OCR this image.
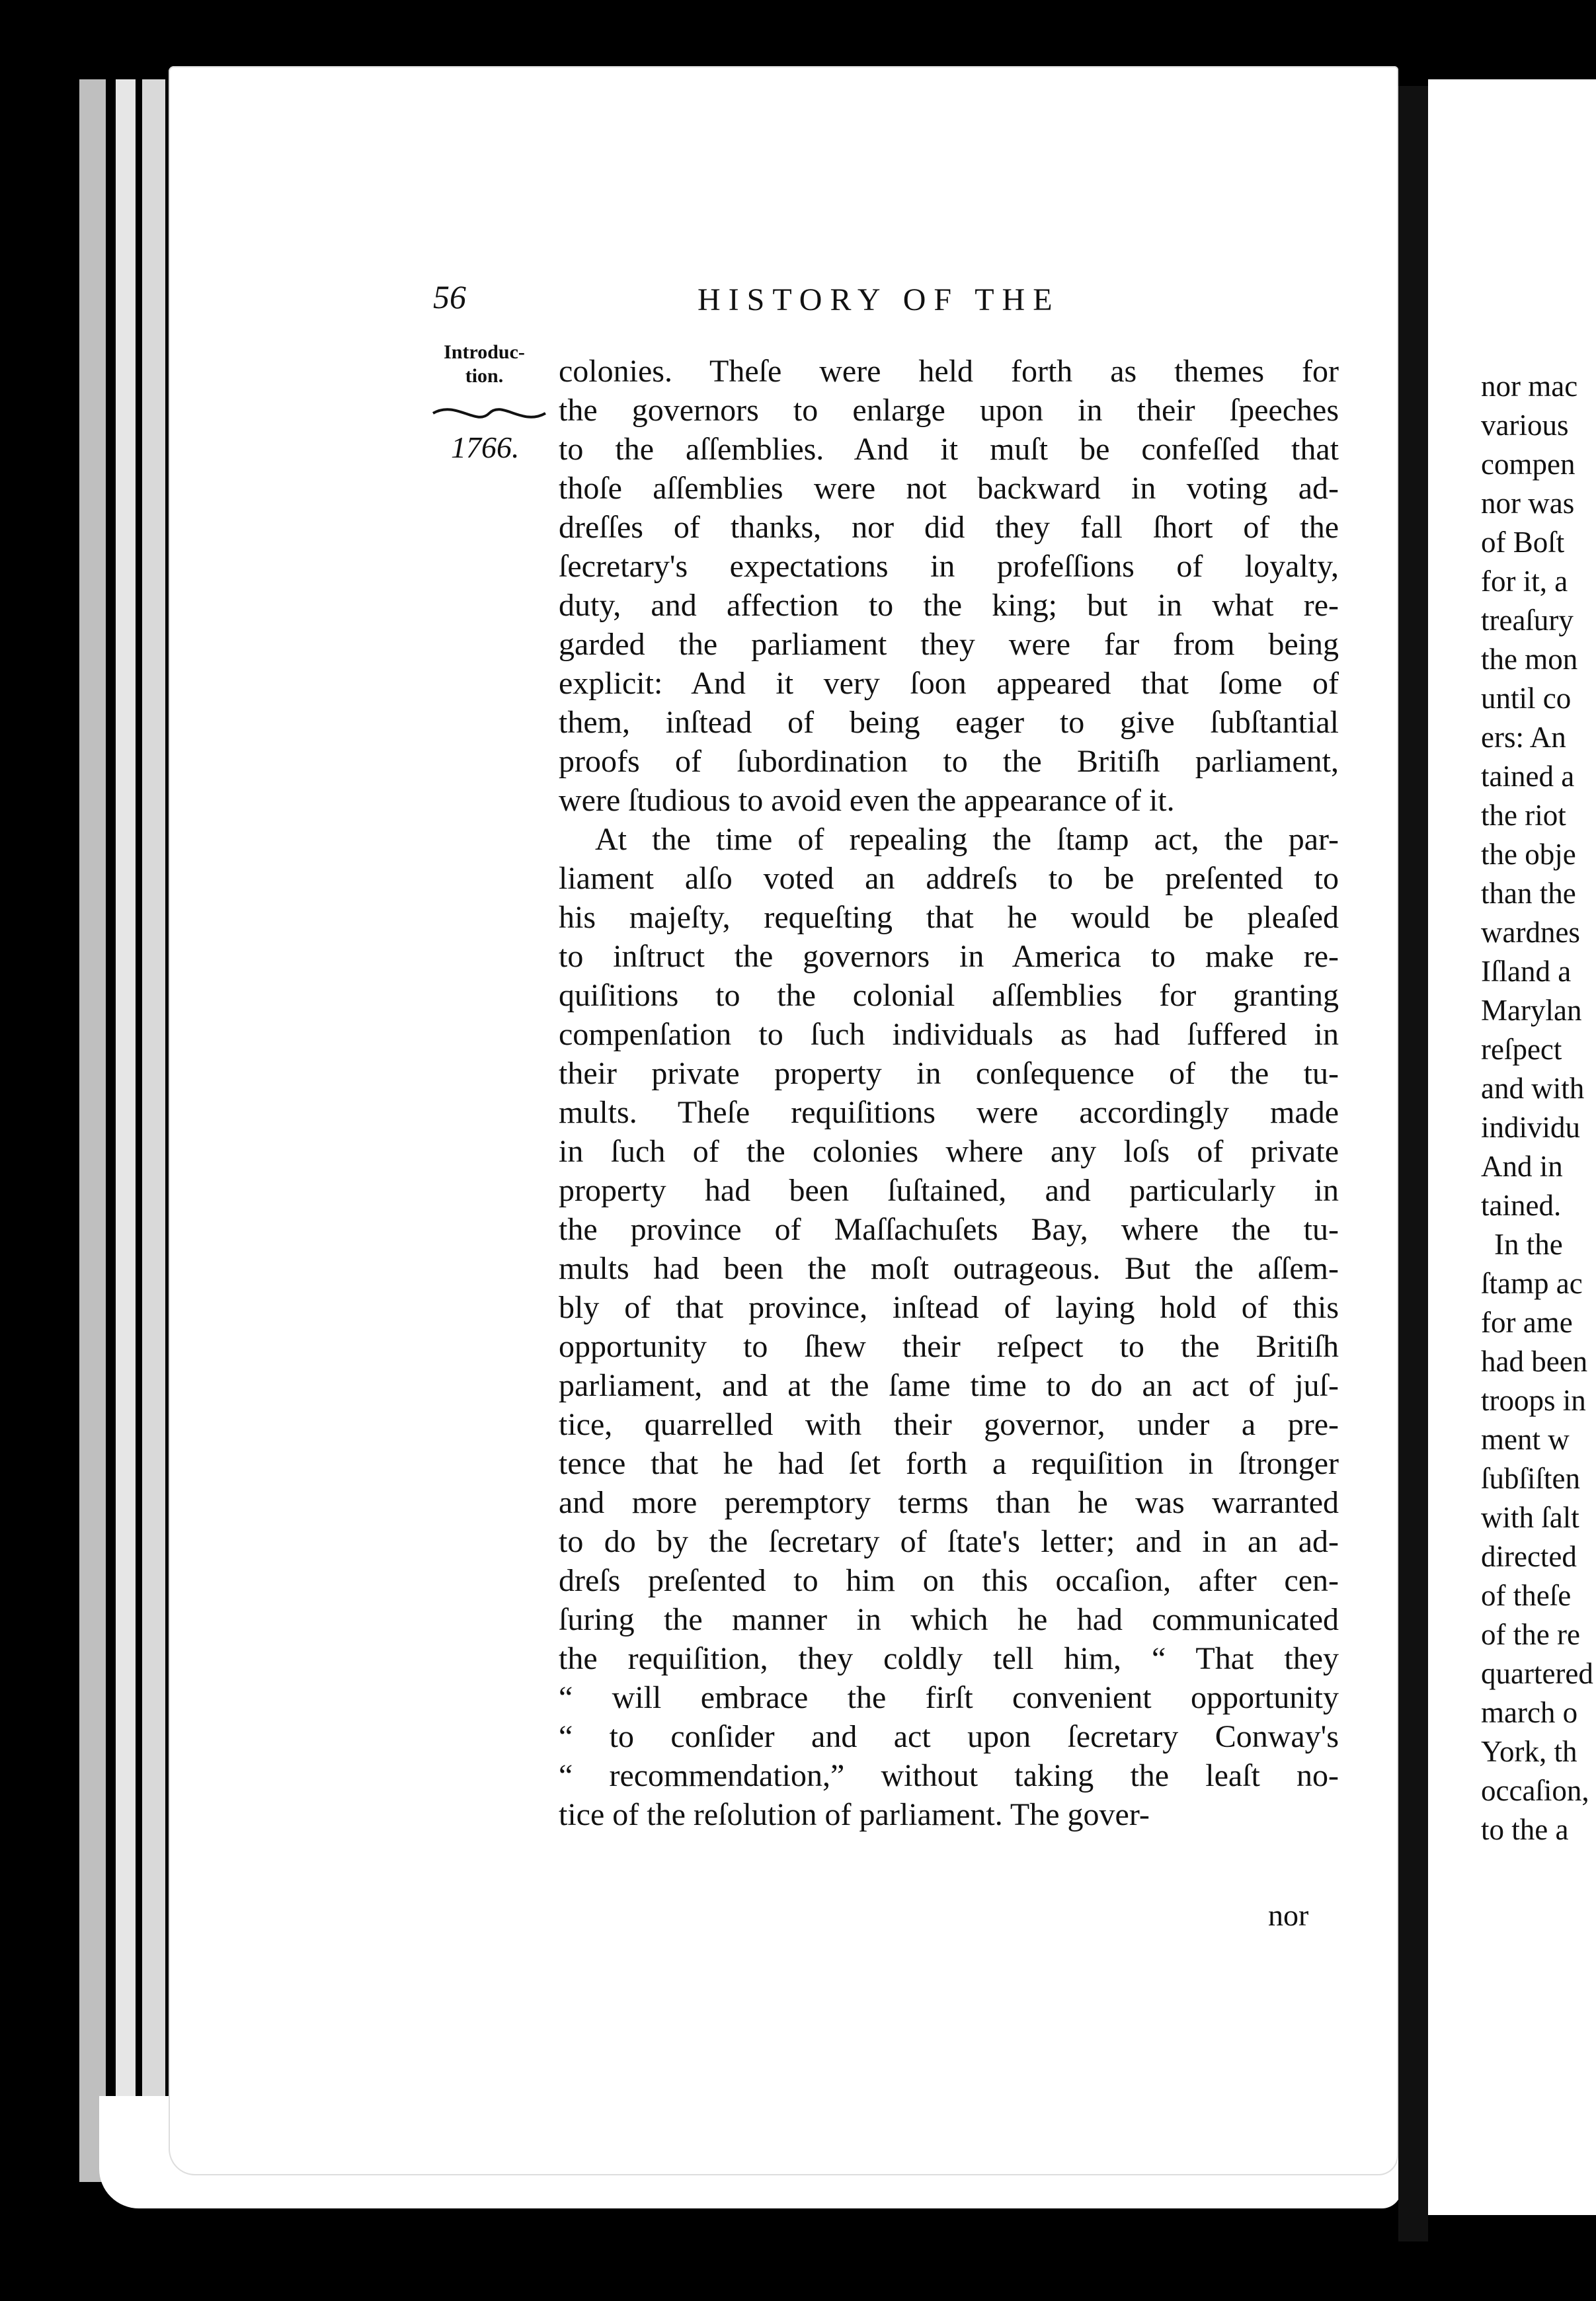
nor mac
various
compen
nor was
of Boſt
for it, a
treaſury
the mon
until co
ers: An
tained a
the riot
the obje
than the
wardnes
Iſland a
Marylan
reſpect
and with
individu
And in
tained.
In the
ſtamp ac
for ame
had been
troops in
ment w
ſubſiſten
with ſalt
directed
of theſe
of the re
quartered
march o
York, th
occaſion,
to the a
56	HISTORY OF THE
Introduc-
tion.
1766.
colonies. Theſe were held forth as themes for
the governors to enlarge upon in their ſpeeches
to the aſſemblies. And it muſt be confeſſed that
thoſe aſſemblies were not backward in voting ad-
dreſſes of thanks, nor did they fall ſhort of the
ſecretary's expectations in profeſſions of loyalty,
duty, and affection to the king; but in what re-
garded the parliament they were far from being
explicit: And it very ſoon appeared that ſome of
them, inſtead of being eager to give ſubſtantial
proofs of ſubordination to the Britiſh parliament,
were ſtudious to avoid even the appearance of it.
At the time of repealing the ſtamp act, the par-
liament alſo voted an addreſs to be preſented to
his majeſty, requeſting that he would be pleaſed
to inſtruct the governors in America to make re-
quiſitions to the colonial aſſemblies for granting
compenſation to ſuch individuals as had ſuffered in
their private property in conſequence of the tu-
mults. Theſe requiſitions were accordingly made
in ſuch of the colonies where any loſs of private
property had been ſuſtained, and particularly in
the province of Maſſachuſets Bay, where the tu-
mults had been the moſt outrageous. But the aſſem-
bly of that province, inſtead of laying hold of this
opportunity to ſhew their reſpect to the Britiſh
parliament, and at the ſame time to do an act of juſ-
tice, quarrelled with their governor, under a pre-
tence that he had ſet forth a requiſition in ſtronger
and more peremptory terms than he was warranted
to do by the ſecretary of ſtate's letter; and in an ad-
dreſs preſented to him on this occaſion, after cen-
ſuring the manner in which he had communicated
the requiſition, they coldly tell him, “ That they
“ will embrace the firſt convenient opportunity
“ to conſider and act upon ſecretary Conway's
“ recommendation,” without taking the leaſt no-
tice of the reſolution of parliament. The gover-
nor
